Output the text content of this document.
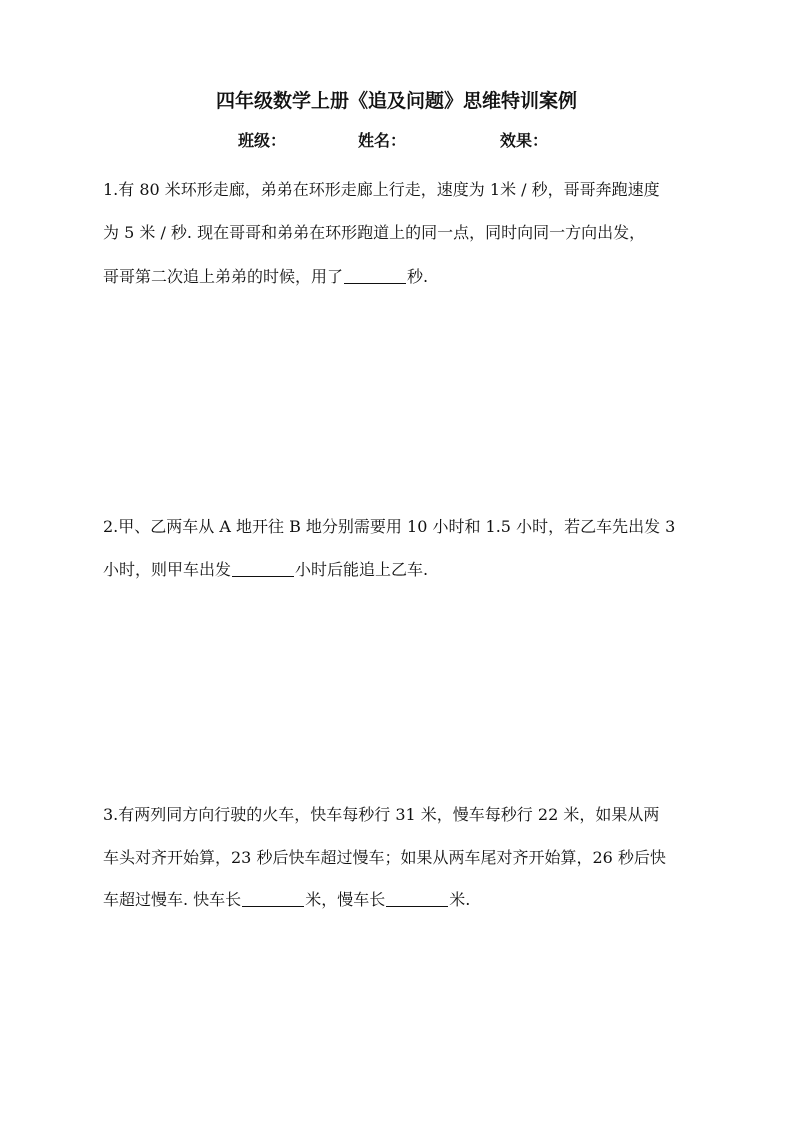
四年级数学上册《追及问题》思维特训案例
班级：	姓名：	效果：
1.有 80 米环形走廊，弟弟在环形走廊上行走，速度为 1米 / 秒，哥哥奔跑速度
为 5 米 / 秒. 现在哥哥和弟弟在环形跑道上的同一点，同时向同一方向出发，
哥哥第二次追上弟弟的时候，用了	秒.
2.甲、乙两车从 A 地开往 B 地分别需要用 10 小时和 1.5 小时，若乙车先出发 3
小时，则甲车出发	小时后能追上乙车.
3.有两列同方向行驶的火车，快车每秒行 31 米，慢车每秒行 22 米，如果从两
车头对齐开始算，23 秒后快车超过慢车；如果从两车尾对齐开始算，26 秒后快
车超过慢车. 快车长	米，慢车长	米.
